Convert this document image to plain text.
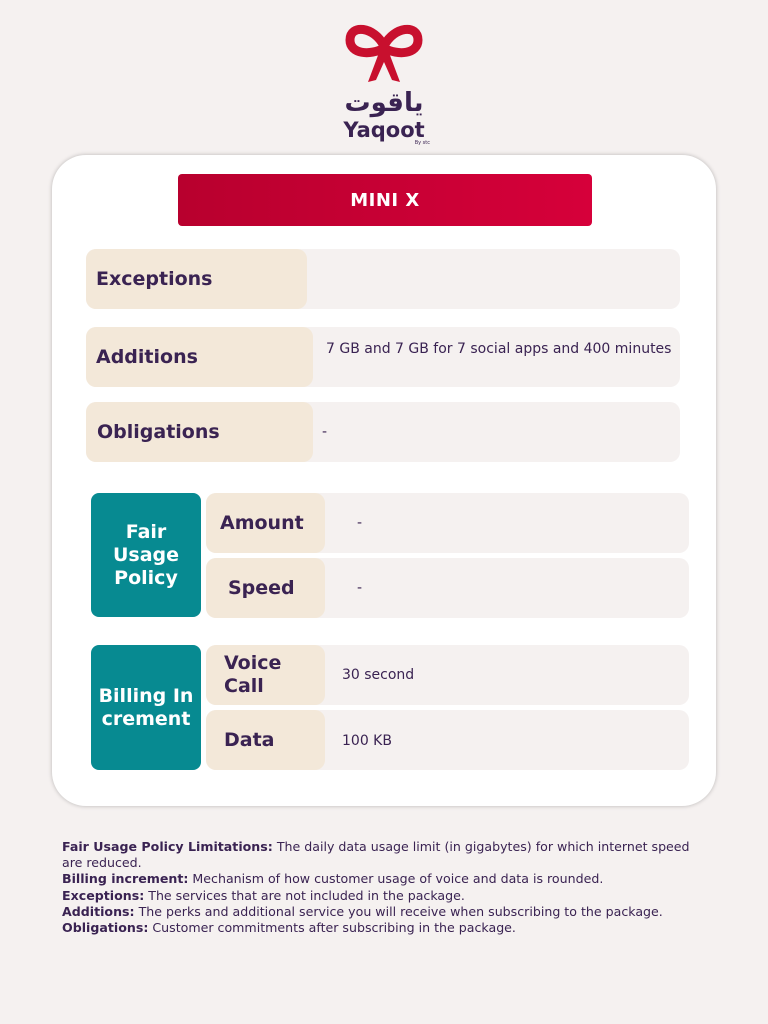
ياقوت
Yaqoot
By stc
MINI X
Exceptions
Additions	7 GB and 7 GB for 7 social apps and 400 minutes
Obligations	-
Fair Usage Policy
Amount	-
Speed	-
Billing Increment
Voice Call	30 second
Data	100 KB
Fair Usage Policy Limitations: The daily data usage limit (in gigabytes) for which internet speed are reduced.
Billing increment: Mechanism of how customer usage of voice and data is rounded.
Exceptions: The services that are not included in the package.
Additions: The perks and additional service you will receive when subscribing to the package.
Obligations: Customer commitments after subscribing in the package.
